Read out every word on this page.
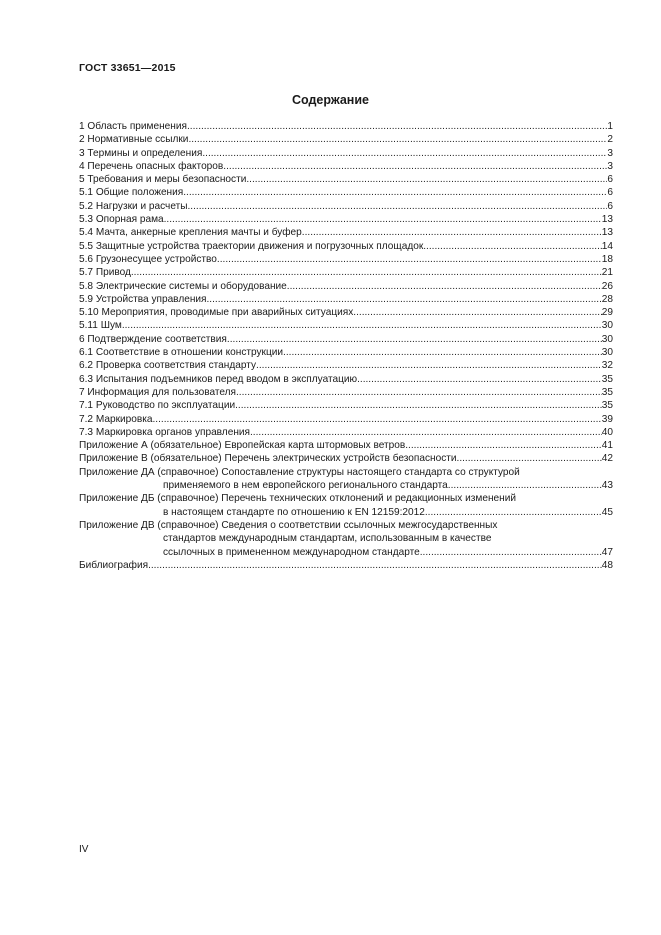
ГОСТ 33651—2015
Содержание
1 Область применения .....	1
2 Нормативные ссылки .....	2
3 Термины и определения .....	3
4 Перечень опасных факторов .....	3
5 Требования и меры безопасности .....	6
5.1 Общие положения .....	6
5.2 Нагрузки и расчеты .....	6
5.3 Опорная рама .....	13
5.4 Мачта, анкерные крепления мачты и буфер .....	13
5.5 Защитные устройства траектории движения и погрузочных площадок .....	14
5.6 Грузонесущее устройство .....	18
5.7 Привод .....	21
5.8 Электрические системы и оборудование .....	26
5.9 Устройства управления .....	28
5.10 Мероприятия, проводимые при аварийных ситуациях .....	29
5.11 Шум .....	30
6 Подтверждение соответствия .....	30
6.1 Соответствие в отношении конструкции .....	30
6.2 Проверка соответствия стандарту .....	32
6.3 Испытания подъемников перед вводом в эксплуатацию .....	35
7 Информация для пользователя .....	35
7.1 Руководство по эксплуатации .....	35
7.2 Маркировка .....	39
7.3 Маркировка органов управления .....	40
Приложение А (обязательное) Европейская карта штормовых ветров .....	41
Приложение В (обязательное) Перечень электрических устройств безопасности .....	42
Приложение ДА (справочное) Сопоставление структуры настоящего стандарта со структурой
применяемого в нем европейского регионального стандарта .....	43
Приложение ДБ (справочное) Перечень технических отклонений и редакционных изменений
в настоящем стандарте по отношению к EN 12159:2012 .....	45
Приложение ДВ (справочное) Сведения о соответствии ссылочных межгосударственных
стандартов международным стандартам, использованным в качестве
ссылочных в примененном международном стандарте .....	47
Библиография .....	48
IV
